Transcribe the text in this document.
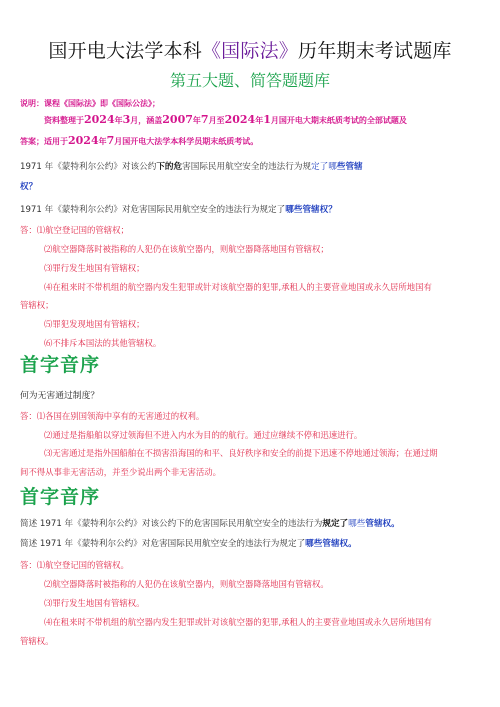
国开电大法学本科《国际法》历年期末考试题库
第五大题、简答题题库
说明：课程《国际法》即《国际公法》；
资料整理于2024年3月，涵盖2007年7月至2024年1月国开电大期末纸质考试的全部试题及
答案；适用于2024年7月国开电大法学本科学员期末纸质考试。
1971 年《蒙特利尔公约》对该公约下的危害国际民用航空安全的违法行为规定了哪些管辖
权？
1971 年《蒙特利尔公约》对危害国际民用航空安全的违法行为规定了哪些管辖权？
答：⑴航空登记国的管辖权；
⑵航空器降落时被指称的人犯仍在该航空器内，则航空器降落地国有管辖权；
⑶罪行发生地国有管辖权；
⑷在租来时不带机组的航空器内发生犯罪或针对该航空器的犯罪,承租人的主要营业地国或永久居所地国有
管辖权；
⑸罪犯发现地国有管辖权；
⑹不排斥本国法的其他管辖权。
首字音序
何为无害通过制度？
答：⑴各国在别国领海中享有的无害通过的权利。
⑵通过是指船舶以穿过领海但不进入内水为目的的航行。通过应继续不停和迅速进行。
⑶无害通过是指外国船舶在不损害沿海国的和平、良好秩序和安全的前提下迅速不停地通过领海；在通过期
间不得从事非无害活动，并至少说出两个非无害活动。
首字音序
简述 1971 年《蒙特利尔公约》对该公约下的危害国际民用航空安全的违法行为规定了哪些管辖权。
简述 1971 年《蒙特利尔公约》对危害国际民用航空安全的违法行为规定了哪些管辖权。
答：⑴航空登记国的管辖权。
⑵航空器降落时被指称的人犯仍在该航空器内，则航空器降落地国有管辖权。
⑶罪行发生地国有管辖权。
⑷在租来时不带机组的航空器内发生犯罪或针对该航空器的犯罪,承租人的主要营业地国或永久居所地国有
管辖权。
